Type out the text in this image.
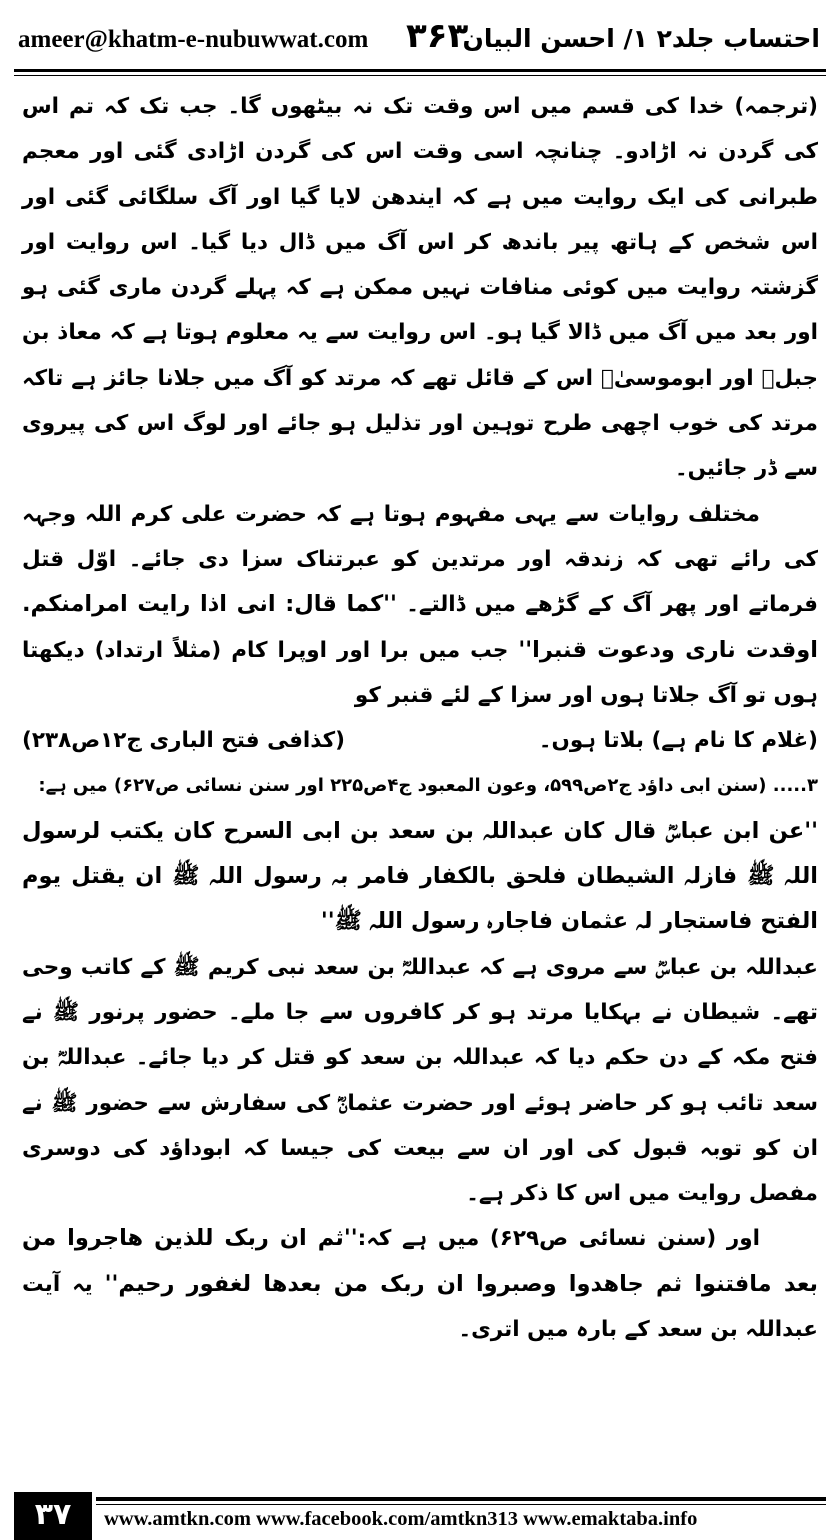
ameer@khatm-e-nubuwwat.com ۳۶۳
احتساب جلد۲ ۱/ احسن البیان

(ترجمہ) خدا کی قسم میں اس وقت تک نہ بیٹھوں گا۔ جب تک کہ تم اس کی گردن نہ اڑادو۔ چنانچہ اسی وقت اس کی گردن اڑادی گئی اور معجم طبرانی کی ایک روایت میں ہے کہ ایندھن لایا گیا اور آگ سلگائی گئی اور اس شخص کے ہاتھ پیر باندھ کر اس آگ میں ڈال دیا گیا۔ اس روایت اور گزشتہ روایت میں کوئی منافات نہیں ممکن ہے کہ پہلے گردن ماری گئی ہو اور بعد میں آگ میں ڈالا گیا ہو۔ اس روایت سے یہ معلوم ہوتا ہے کہ معاذ بن جبلؓ اور ابوموسیٰؓ اس کے قائل تھے کہ مرتد کو آگ میں جلانا جائز ہے تاکہ مرتد کی خوب اچھی طرح توہین اور تذلیل ہو جائے اور لوگ اس کی پیروی سے ڈر جائیں۔

مختلف روایات سے یہی مفہوم ہوتا ہے کہ حضرت علی کرم اللہ وجہہ کی رائے تھی کہ زندقہ اور مرتدین کو عبرتناک سزا دی جائے۔ اوّل قتل فرماتے اور پھر آگ کے گڑھے میں ڈالتے۔ ''کما قال: انی اذا رایت امرامنکم. اوقدت ناری ودعوت قنبرا'' جب میں برا اور اوپرا کام (مثلاً ارتداد) دیکھتا ہوں تو آگ جلاتا ہوں اور سزا کے لئے قنبر کو

(غلام کا نام ہے) بلاتا ہوں۔
(کذافی فتح الباری ج۱۲ص۲۳۸)

۳..... (سنن ابی داؤد ج۲ص۵۹۹، وعون المعبود ج۴ص۲۲۵ اور سنن نسائی ص۶۲۷) میں ہے:

''عن ابن عباسؓ قال کان عبداللہ بن سعد بن ابی السرح کان یکتب لرسول اللہ ﷺ فازلہ الشیطان فلحق بالکفار فامر بہ رسول اللہ ﷺ ان یقتل یوم الفتح فاستجار لہ عثمان فاجارہ رسول اللہ ﷺ''

عبداللہ بن عباسؓ سے مروی ہے کہ عبداللہؓ بن سعد نبی کریم ﷺ کے کاتب وحی تھے۔ شیطان نے بہکایا مرتد ہو کر کافروں سے جا ملے۔ حضور پرنور ﷺ نے فتح مکہ کے دن حکم دیا کہ عبداللہ بن سعد کو قتل کر دیا جائے۔ عبداللہؓ بن سعد تائب ہو کر حاضر ہوئے اور حضرت عثمانؓ کی سفارش سے حضور ﷺ نے ان کو توبہ قبول کی اور ان سے بیعت کی جیسا کہ ابوداؤد کی دوسری مفصل روایت میں اس کا ذکر ہے۔

اور (سنن نسائی ص۶۲۹) میں ہے کہ:''ثم ان ربک للذین ھاجروا من بعد مافتنوا ثم جاھدوا وصبروا ان ربک من بعدھا لغفور رحیم'' یہ آیت عبداللہ بن سعد کے بارہ میں اتری۔

۳۷	www.amtkn.com www.facebook.com/amtkn313 www.emaktaba.info
